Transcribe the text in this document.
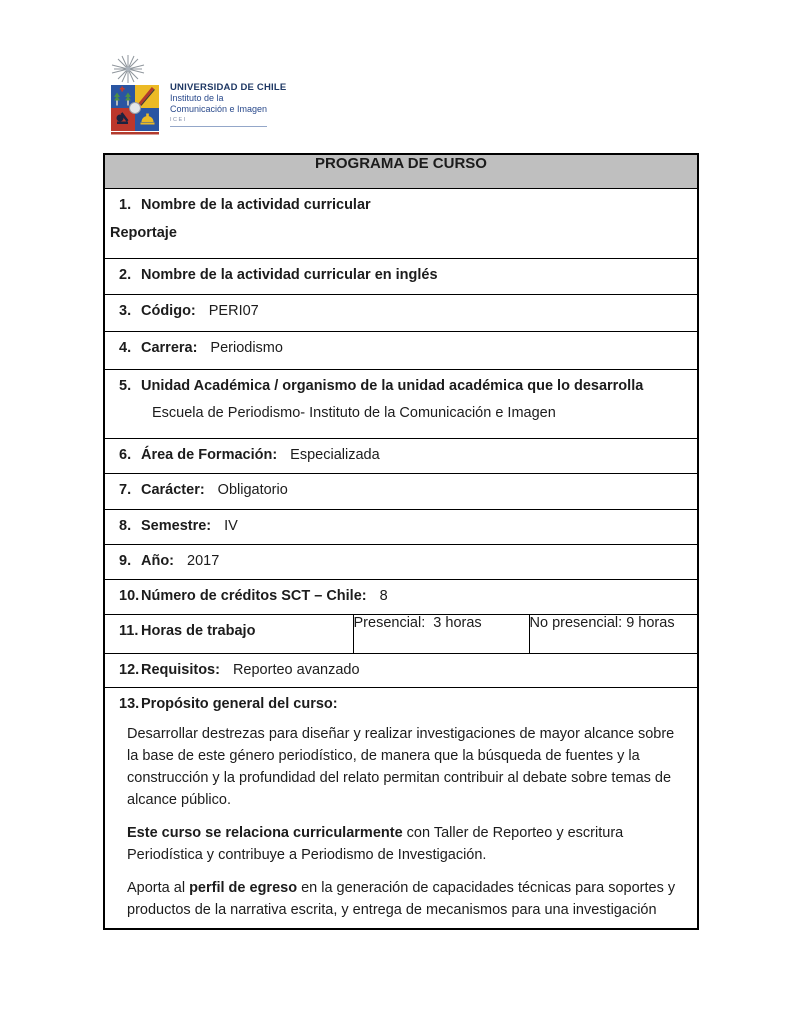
UNIVERSIDAD DE CHILE
Instituto de la
Comunicación e Imagen
ICEI
PROGRAMA DE CURSO

1. Nombre de la actividad curricular
Reportaje

2. Nombre de la actividad curricular en inglés

3. Código: PERI07

4. Carrera: Periodismo

5. Unidad Académica / organismo de la unidad académica que lo desarrolla
Escuela de Periodismo- Instituto de la Comunicación e Imagen

6. Área de Formación: Especializada

7. Carácter: Obligatorio

8. Semestre: IV

9. Año: 2017

10. Número de créditos SCT – Chile: 8

11. Horas de trabajo	Presencial:  3 horas	No presencial: 9 horas

12. Requisitos: Reporteo avanzado

13. Propósito general del curso:
Desarrollar destrezas para diseñar y realizar investigaciones de mayor alcance sobre la base de este género periodístico, de manera que la búsqueda de fuentes y la construcción y la profundidad del relato permitan contribuir al debate sobre temas de alcance público.
Este curso se relaciona curricularmente con Taller de Reporteo y escritura Periodística y contribuye a Periodismo de Investigación.
Aporta al perfil de egreso en la generación de capacidades técnicas para soportes y productos de la narrativa escrita, y entrega de mecanismos para una investigación
